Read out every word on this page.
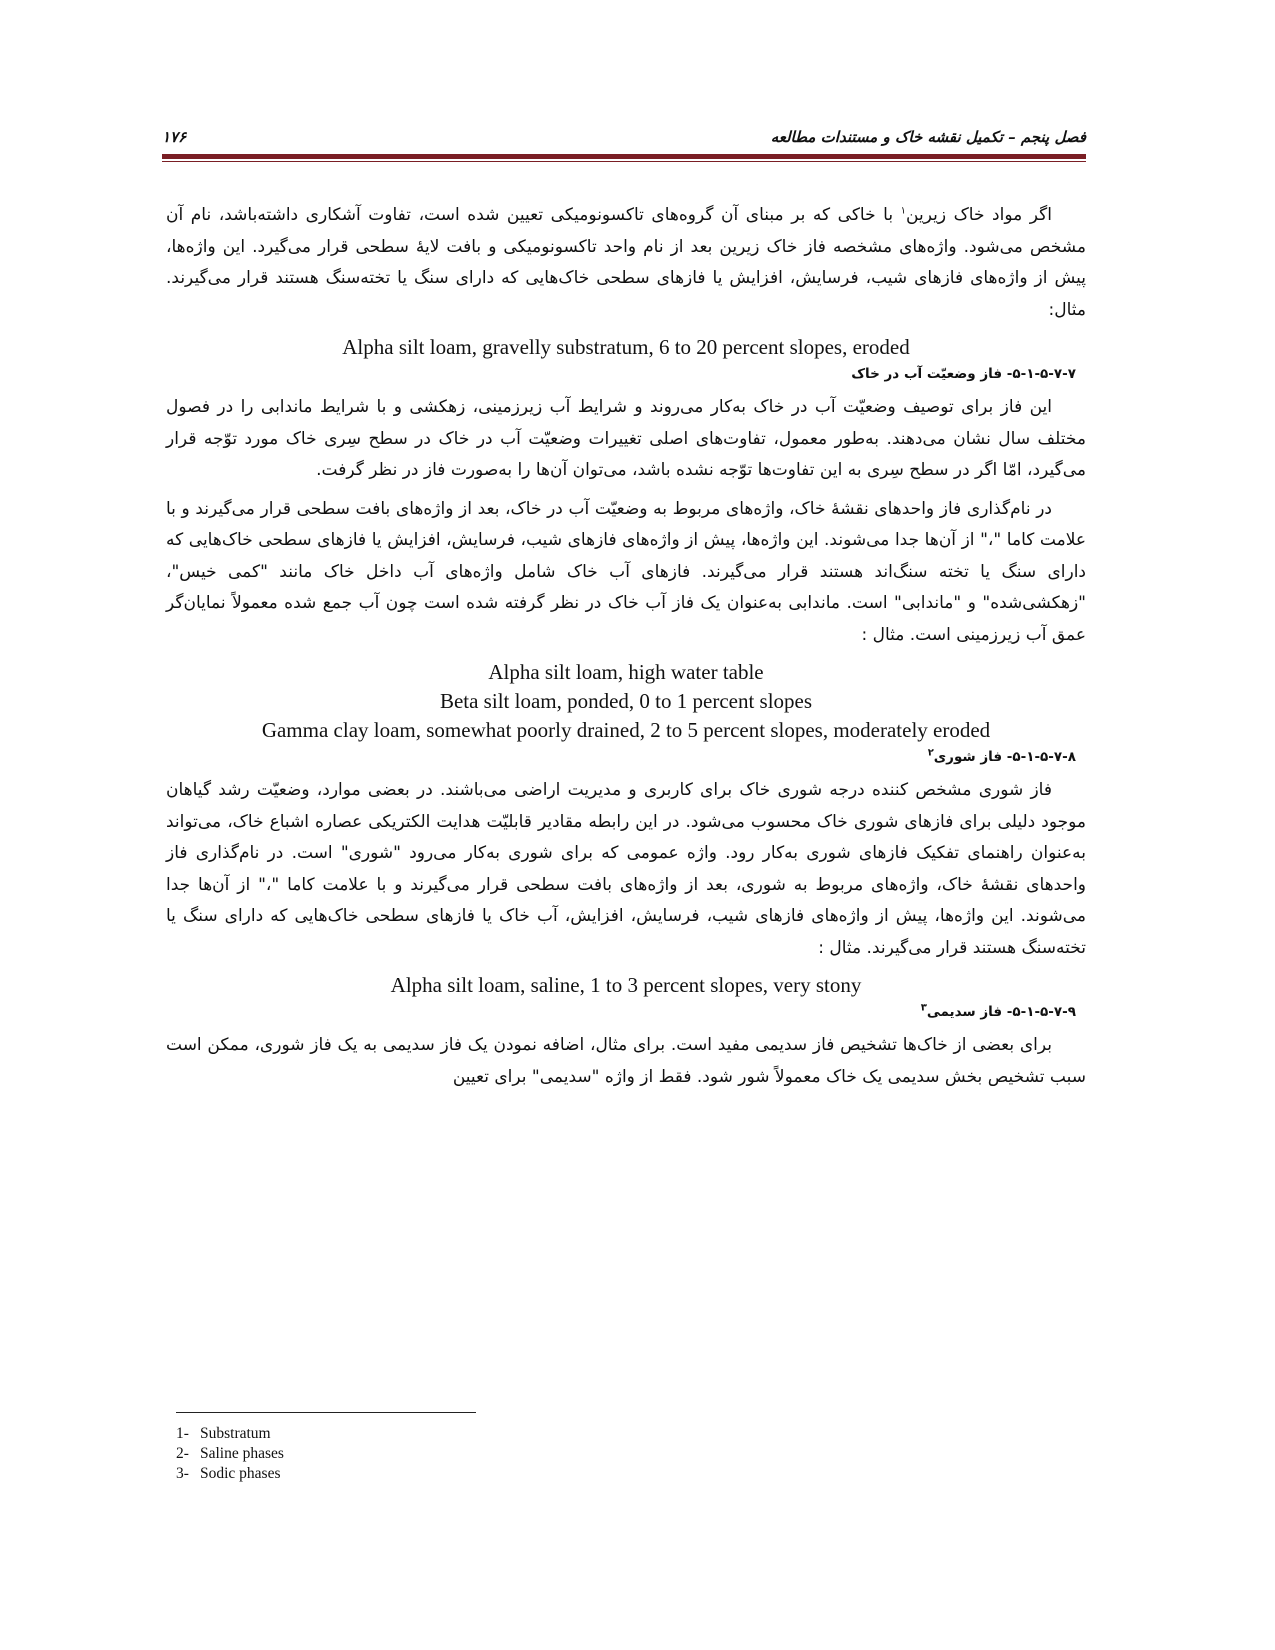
۱۷۶	فصل پنجم – تکمیل نقشه خاک و مستندات مطالعه

اگر مواد خاک زیرین$^۱$ با خاکی که بر مبنای آن گروه‌های تاکسونومیکی تعیین شده است، تفاوت آشکاری داشته‌باشد، نام آن مشخص می‌شود. واژه‌های مشخصه فاز خاک زیرین بعد از نام واحد تاکسونومیکی و بافت لایهٔ سطحی قرار می‌گیرد. این واژه‌ها، پیش از واژه‌های فازهای شیب، فرسایش، افزایش یا فازهای سطحی خاک‌هایی که دارای سنگ یا تخته‌سنگ هستند قرار می‌گیرند. مثال:

Alpha silt loam, gravelly substratum, 6 to 20 percent slopes, eroded

۵-۱-۵-۷-۷- فاز وضعیّت آب در خاک

این فاز برای توصیف وضعیّت آب در خاک به‌کار می‌روند و شرایط آب زیرزمینی، زهکشی و با شرایط ماندابی را در فصول مختلف سال نشان می‌دهند. به‌طور معمول، تفاوت‌های اصلی تغییرات وضعیّت آب در خاک در سطح سِری خاک مورد توّجه قرار می‌گیرد، امّا اگر در سطح سِری به این تفاوت‌ها توّجه نشده باشد، می‌توان آن‌ها را به‌صورت فاز در نظر گرفت.

در نام‌گذاری فاز واحدهای نقشهٔ خاک، واژه‌های مربوط به وضعیّت آب در خاک، بعد از واژه‌های بافت سطحی قرار می‌گیرند و با علامت کاما "،" از آن‌ها جدا می‌شوند. این واژه‌ها، پیش از واژه‌های فازهای شیب، فرسایش، افزایش یا فازهای سطحی خاک‌هایی که دارای سنگ یا تخته سنگ‌اند هستند قرار می‌گیرند. فازهای آب خاک شامل واژه‌های آب داخل خاک مانند "کمی خیس"، "زهکشی‌شده" و "ماندابی" است. ماندابی به‌عنوان یک فاز آب خاک در نظر گرفته شده است چون آب جمع شده معمولاً نمایان‌گر عمق آب زیرزمینی است. مثال :

Alpha silt loam, high water table

Beta silt loam, ponded, 0 to 1 percent slopes

Gamma clay loam, somewhat poorly drained, 2 to 5 percent slopes, moderately eroded

۵-۱-۵-۷-۸- فاز شوری$^۲$

فاز شوری مشخص کننده درجه شوری خاک برای کاربری و مدیریت اراضی می‌باشند. در بعضی موارد، وضعیّت رشد گیاهان موجود دلیلی برای فازهای شوری خاک محسوب می‌شود. در این رابطه مقادیر قابلیّت هدایت الکتریکی عصاره اشباع خاک، می‌تواند به‌عنوان راهنمای تفکیک فازهای شوری به‌کار رود. واژه عمومی که برای شوری به‌کار می‌رود "شوری" است. در نام‌گذاری فاز واحدهای نقشهٔ خاک، واژه‌های مربوط به شوری، بعد از واژه‌های بافت سطحی قرار می‌گیرند و با علامت کاما "،" از آن‌ها جدا می‌شوند. این واژه‌ها، پیش از واژه‌های فازهای شیب، فرسایش، افزایش، آب خاک یا فازهای سطحی خاک‌هایی که دارای سنگ یا تخته‌سنگ هستند قرار می‌گیرند. مثال :

Alpha silt loam, saline, 1 to 3 percent slopes, very stony

۵-۱-۵-۷-۹- فاز سدیمی$^۳$

برای بعضی از خاک‌ها تشخیص فاز سدیمی مفید است. برای مثال، اضافه نمودن یک فاز سدیمی به یک فاز شوری، ممکن است سبب تشخیص بخش سدیمی یک خاک معمولاً شور شود. فقط از واژه "سدیمی" برای تعیین

1- Substratum

2- Saline phases

3- Sodic phases
